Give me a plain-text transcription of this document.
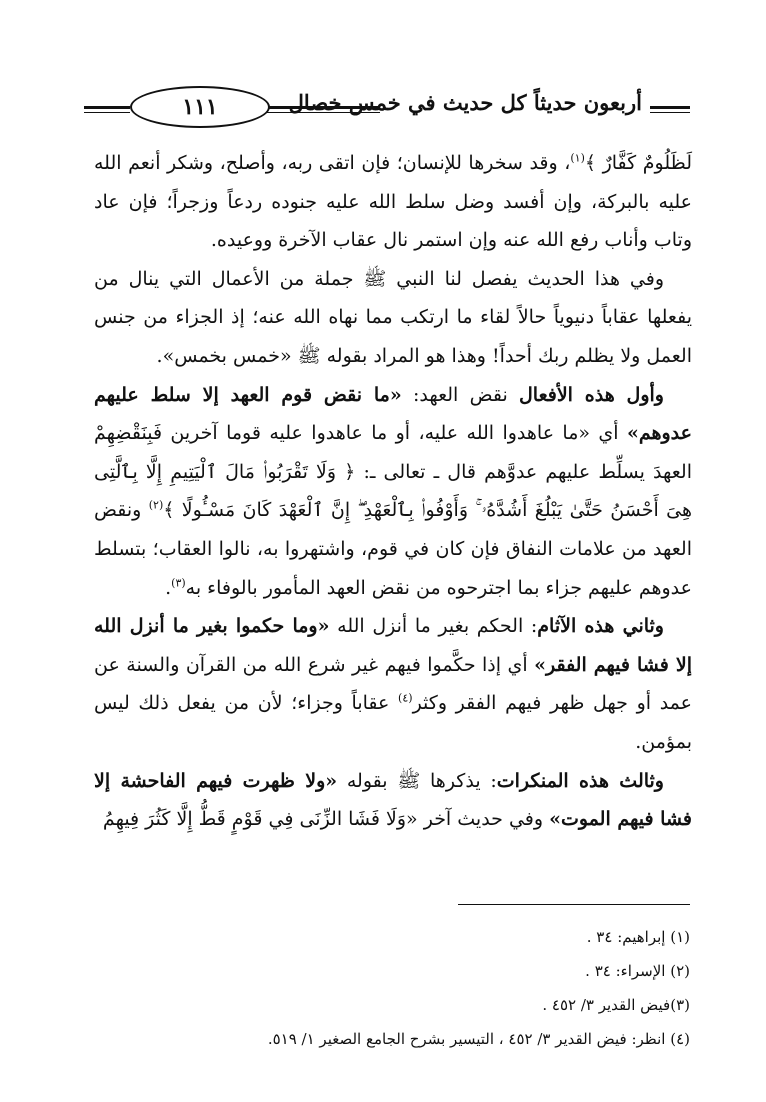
أربعون حديثاً كل حديث في خمس خصال
١١١

لَظَلُومٌ كَفَّارٌ ﴾$^{(١)}$، وقد سخرها للإنسان؛ فإن اتقى ربه، وأصلح، وشكر أنعم الله عليه بالبركة، وإن أفسد وضل سلط الله عليه جنوده ردعاً وزجراً؛ فإن عاد وتاب وأناب رفع الله عنه وإن استمر نال عقاب الآخرة ووعيده.

وفي هذا الحديث يفصل لنا النبي ﷺ جملة من الأعمال التي ينال من يفعلها عقاباً دنيوياً حالاً لقاء ما ارتكب مما نهاه الله عنه؛ إذ الجزاء من جنس العمل ولا يظلم ربك أحداً! وهذا هو المراد بقوله ﷺ «خمس بخمس».

وأول هذه الأفعال نقض العهد: «ما نقض قوم العهد إلا سلط عليهم عدوهم» أي «ما عاهدوا الله عليه، أو ما عاهدوا عليه قوما آخرين فَبِنَقْضِهِمْ العهدَ يسلِّط عليهم عدوَّهم قال ـ تعالى ـ: ﴿ وَلَا تَقْرَبُوا۟ مَالَ ٱلْيَتِيمِ إِلَّا بِٱلَّتِى هِىَ أَحْسَنُ حَتَّىٰ يَبْلُغَ أَشُدَّهُۥ ۚ وَأَوْفُوا۟ بِٱلْعَهْدِ ۖ إِنَّ ٱلْعَهْدَ كَانَ مَسْـُٔولًا ﴾$^{(٢)}$ ونقض العهد من علامات النفاق فإن كان في قوم، واشتهروا به، نالوا العقاب؛ بتسلط عدوهم عليهم جزاء بما اجترحوه من نقض العهد المأمور بالوفاء به$^{(٣)}$.

وثاني هذه الآثام: الحكم بغير ما أنزل الله «وما حكموا بغير ما أنزل الله إلا فشا فيهم الفقر» أي إذا حكَّموا فيهم غير شرع الله من القرآن والسنة عن عمد أو جهل ظهر فيهم الفقر وكثر$^{(٤)}$ عقاباً وجزاء؛ لأن من يفعل ذلك ليس بمؤمن.

وثالث هذه المنكرات: يذكرها ﷺ بقوله «ولا ظهرت فيهم الفاحشة إلا فشا فيهم الموت» وفي حديث آخر «وَلَا فَشَا الزِّنَى فِي قَوْمٍ قَطُّ إِلَّا كَثُرَ فِيهِمُ

(١) إبراهيم: ٣٤ .
(٢) الإسراء: ٣٤ .
(٣)فيض القدير ٣/ ٤٥٢ .
(٤) انظر: فيض القدير ٣/ ٤٥٢ ، التيسير بشرح الجامع الصغير ١/ ٥١٩.
